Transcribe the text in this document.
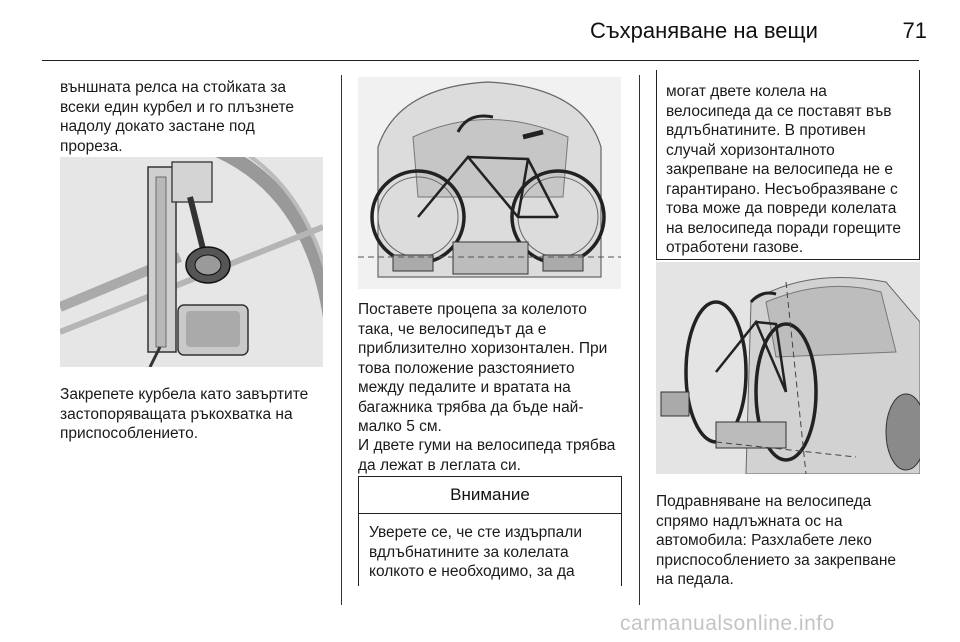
Съхраняване на вещи	71

външната релса на стойката за

всеки един курбел и го плъзнете

надолу докато застане под

прореза.

Закрепете курбела като завъртите

застопоряващата ръкохватка на

приспособлението.

Поставете процепа за колелото

така, че велосипедът да е

приблизително хоризонтален. При

това положение разстоянието

между педалите и вратата на

багажника трябва да бъде най-

малко 5 см.

И двете гуми на велосипеда трябва

да лежат в леглата си.

Внимание

Уверете се, че сте издърпали

вдлъбнатините за колелата

колкото е необходимо, за да

могат двете колела на

велосипеда да се поставят във

вдлъбнатините. В противен

случай хоризонталното

закрепване на велосипеда не е

гарантирано. Несъобразяване с

това може да повреди колелата

на велосипеда поради горещите

отработени газове.

Подравняване на велосипеда

спрямо надлъжната ос на

автомобила: Разхлабете леко

приспособлението за закрепване

на педала.

carmanualsonline.info
